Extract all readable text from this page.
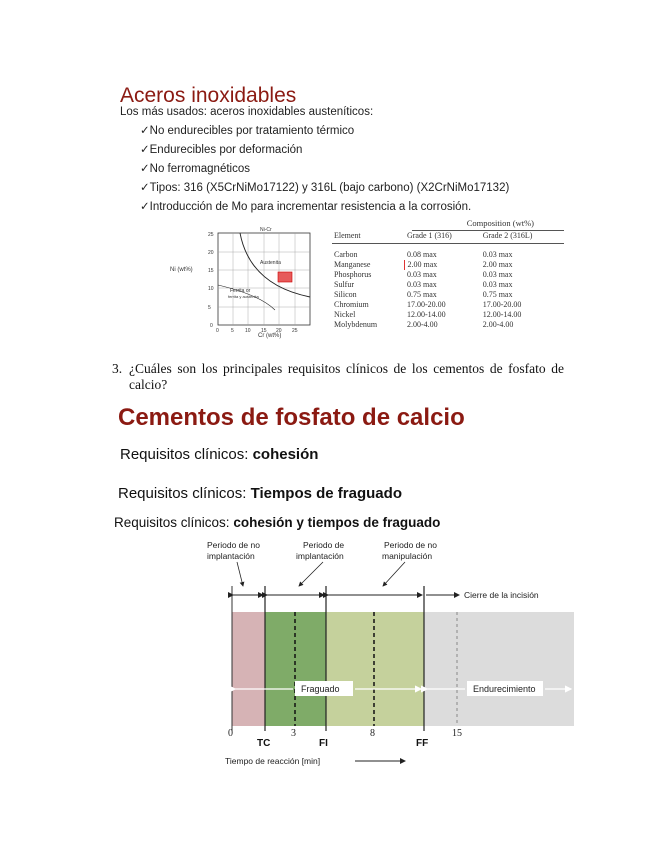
Aceros inoxidables
Los más usados: aceros inoxidables austeníticos:
✓ No endurecibles por tratamiento térmico
✓ Endurecibles por deformación
✓ No ferromagnéticos
✓ Tipos: 316 (X5CrNiMo17122) y 316L (bajo carbono) (X2CrNiMo17132)
✓ Introducción de Mo para incrementar resistencia a la corrosión.
Ni (wt%)
Cr (wt%)
Ni-Cr
Austenita
Ferrita or
ferrita y austenita
25
20
15
10
5
0
0 5 10 15 20 25
Composition (wt%)
Element	Grade 1 (316)	Grade 2 (316L)

Carbon	0.08 max	0.03 max
Manganese	2.00 max	2.00 max
Phosphorus	0.03 max	0.03 max
Sulfur	0.03 max	0.03 max
Silicon	0.75 max	0.75 max
Chromium	17.00-20.00	17.00-20.00
Nickel	12.00-14.00	12.00-14.00
Molybdenum	2.00-4.00	2.00-4.00
3. ¿Cuáles son los principales requisitos clínicos de los cementos de fosfato de calcio?
Cementos de fosfato de calcio
Requisitos clínicos: cohesión
Requisitos clínicos: Tiempos de fraguado
Requisitos clínicos: cohesión y tiempos de fraguado
Periodo de no
implantación
Periodo de
implantación
Periodo de no
manipulación
Cierre de la incisión
Fraguado	Endurecimiento
0	3	8	15
TC	FI	FF
Tiempo de reacción [min]
